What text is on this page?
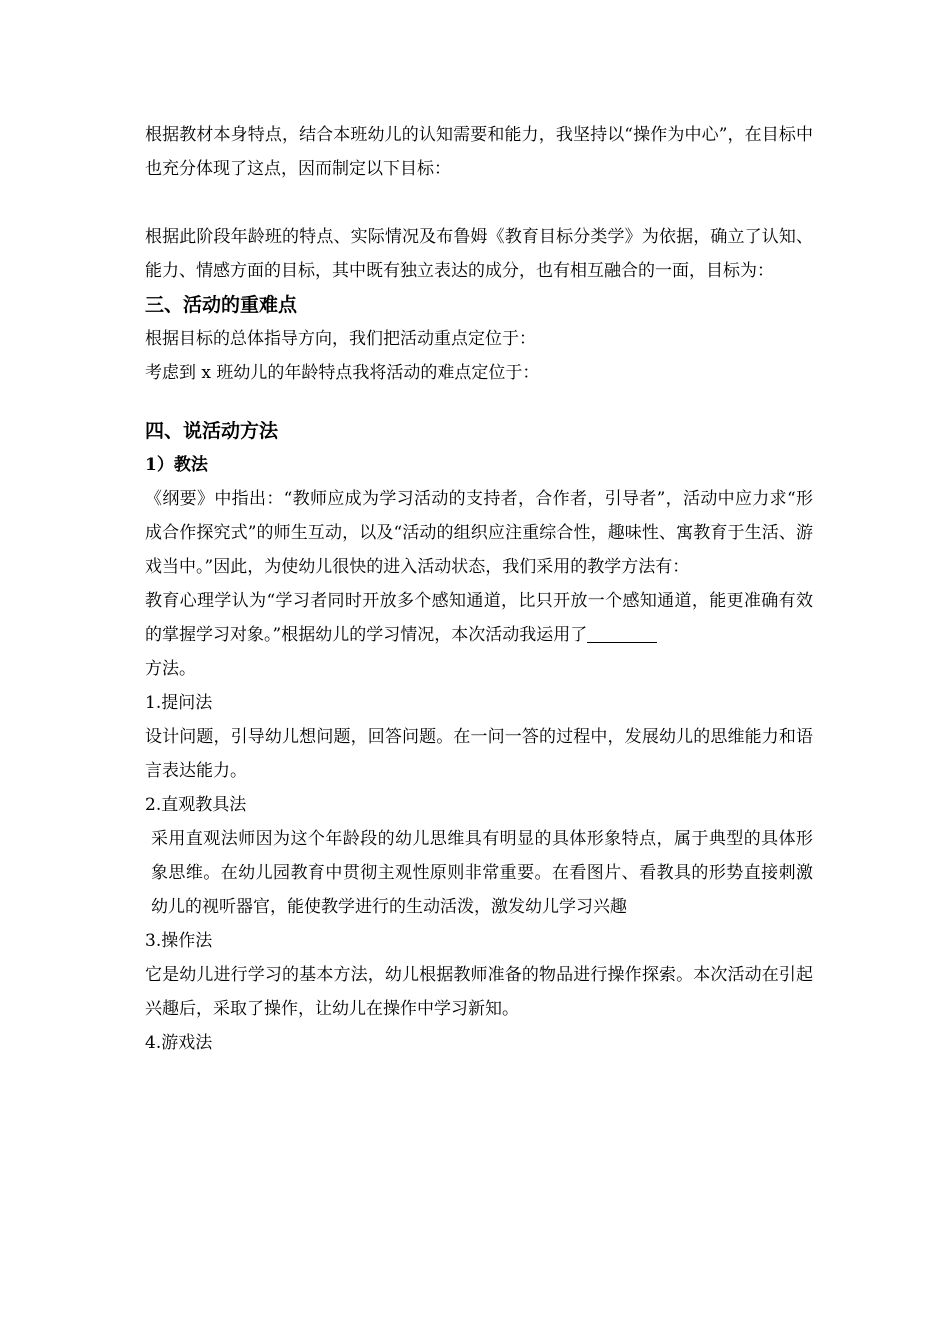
根据教材本身特点，结合本班幼儿的认知需要和能力，我坚持以“操作为中心”，在目标中也充分体现了这点，因而制定以下目标：

根据此阶段年龄班的特点、实际情况及布鲁姆《教育目标分类学》为依据，确立了认知、能力、情感方面的目标，其中既有独立表达的成分，也有相互融合的一面，目标为：

三、活动的重难点

根据目标的总体指导方向，我们把活动重点定位于：

考虑到 x 班幼儿的年龄特点我将活动的难点定位于：

四、说活动方法
1）教法

《纲要》中指出：“教师应成为学习活动的支持者，合作者，引导者”，活动中应力求“形成合作探究式”的师生互动，以及“活动的组织应注重综合性，趣味性、寓教育于生活、游戏当中。”因此，为使幼儿很快的进入活动状态，我们采用的教学方法有：

教育心理学认为“学习者同时开放多个感知通道，比只开放一个感知通道，能更准确有效的掌握学习对象。”根据幼儿的学习情况，本次活动我运用了
方法。

1.提问法

设计问题，引导幼儿想问题，回答问题。在一问一答的过程中，发展幼儿的思维能力和语言表达能力。

2.直观教具法

采用直观法师因为这个年龄段的幼儿思维具有明显的具体形象特点，属于典型的具体形象思维。在幼儿园教育中贯彻主观性原则非常重要。在看图片、看教具的形势直接刺激幼儿的视听器官，能使教学进行的生动活泼，激发幼儿学习兴趣

3.操作法

它是幼儿进行学习的基本方法，幼儿根据教师准备的物品进行操作探索。本次活动在引起兴趣后，采取了操作，让幼儿在操作中学习新知。

4.游戏法
